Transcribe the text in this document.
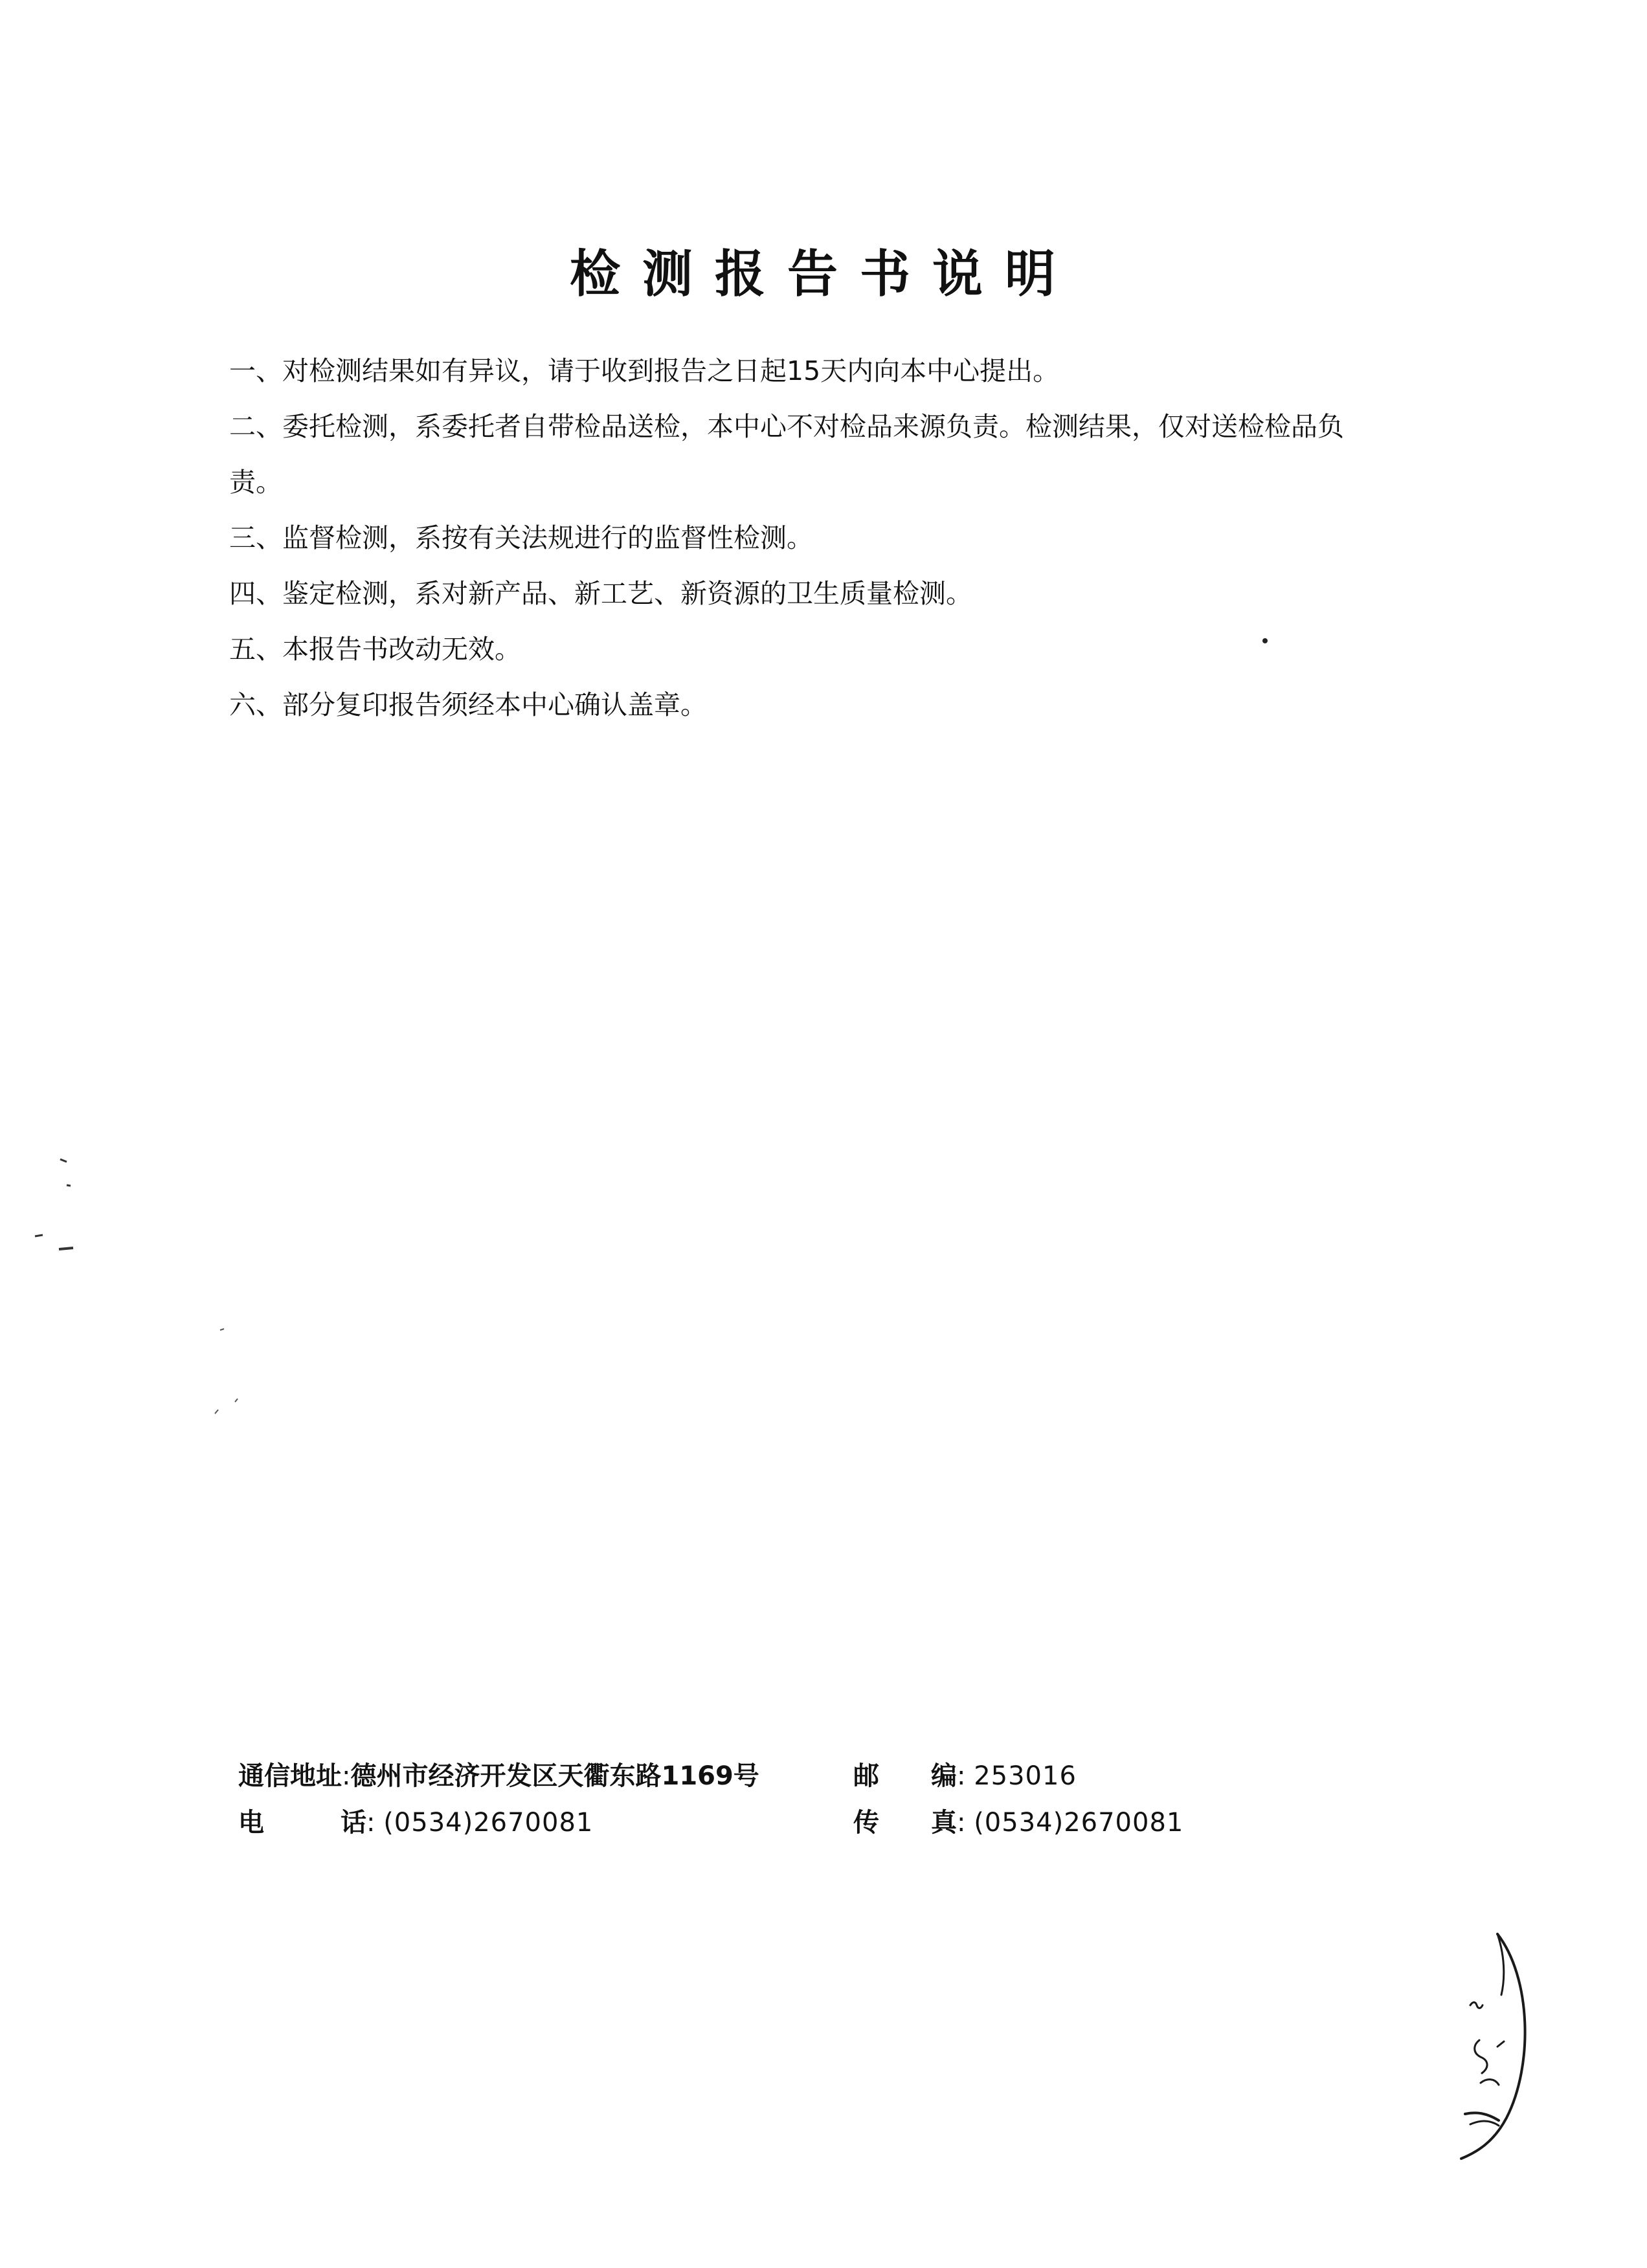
检测报告书说明
一、对检测结果如有异议，请于收到报告之日起15天内向本中心提出。
二、委托检测，系委托者自带检品送检，本中心不对检品来源负责。检测结果，仅对送检检品负责。
三、监督检测，系按有关法规进行的监督性检测。
四、鉴定检测，系对新产品、新工艺、新资源的卫生质量检测。
五、本报告书改动无效。
六、部分复印报告须经本中心确认盖章。
通信地址:德州市经济开发区天衢东路1169号	邮　编: 253016
电　　话: (0534)2670081	传　真: (0534)2670081
